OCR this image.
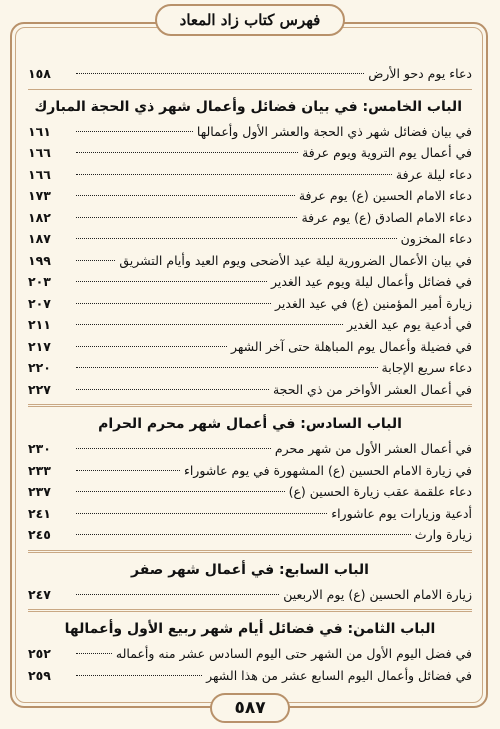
فهرس كتاب زاد المعاد
دعاء يوم دحو الأرض
١٥٨
الباب الخامس: في بيان فضائل وأعمال شهر ذي الحجة المبارك
في بيان فضائل شهر ذي الحجة والعشر الأول وأعمالها
١٦١
في أعمال يوم التروية ويوم عرفة
١٦٦
دعاء ليلة عرفة
١٦٦
دعاء الامام الحسين (ع) يوم عرفة
١٧٣
دعاء الامام الصادق (ع) يوم عرفة
١٨٢
دعاء المخزون
١٨٧
في بيان الأعمال الضرورية ليلة عيد الأضحى ويوم العيد وأيام التشريق
١٩٩
في فضائل وأعمال ليلة ويوم عيد الغدير
٢٠٣
زيارة أمير المؤمنين (ع) في عيد الغدير
٢٠٧
في أدعية يوم عيد الغدير
٢١١
في فضيلة وأعمال يوم المباهلة حتى آخر الشهر
٢١٧
دعاء سريع الإجابة
٢٢٠
في أعمال العشر الأواخر من ذي الحجة
٢٢٧
الباب السادس: في أعمال شهر محرم الحرام
في أعمال العشر الأول من شهر محرم
٢٣٠
في زيارة الامام الحسين (ع) المشهورة في يوم عاشوراء
٢٣٣
دعاء علقمة عقب زيارة الحسين (ع)
٢٣٧
أدعية وزيارات يوم عاشوراء
٢٤١
زيارة وارث
٢٤٥
الباب السابع: في أعمال شهر صفر
زيارة الامام الحسين (ع) يوم الاربعين
٢٤٧
الباب الثامن: في فضائل أيام شهر ربيع الأول وأعمالها
في فضل اليوم الأول من الشهر حتى اليوم السادس عشر منه وأعماله
٢٥٢
في فضائل وأعمال اليوم السابع عشر من هذا الشهر
٢٥٩
٥٨٧
